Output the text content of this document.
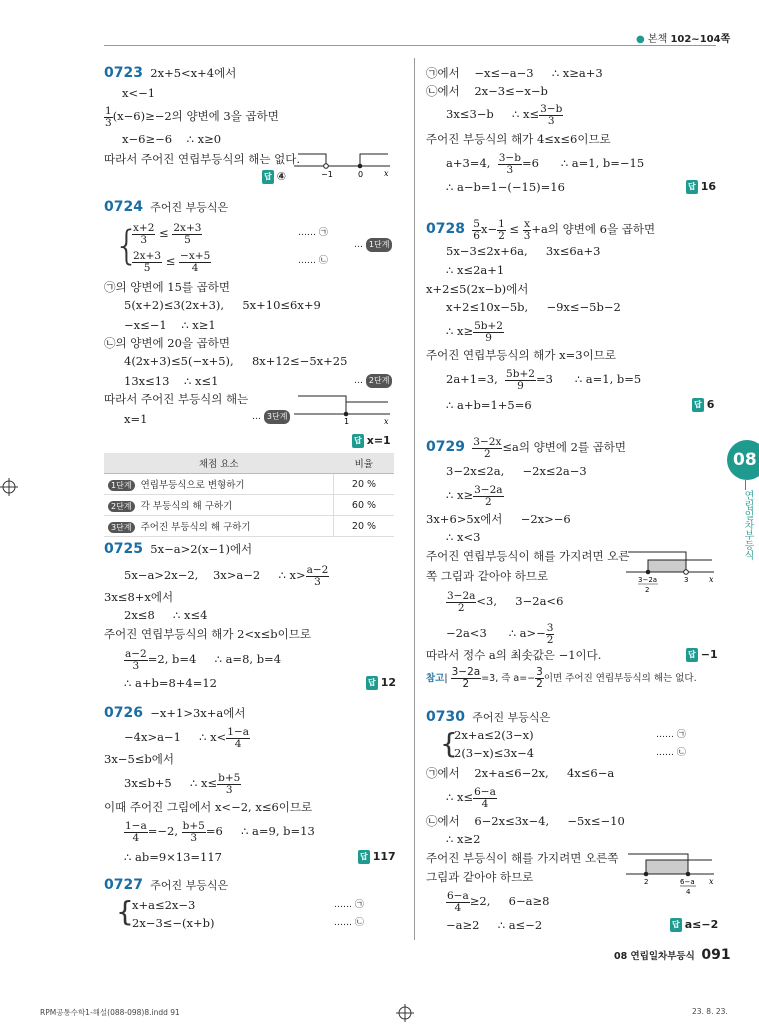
● 본책 102~104쪽
0723  2x+5<x+4에서
x<−1
$\frac{1}{3} (x-6)\ge-2$의 양변에 3을 곱하면
x−6≥−6    ∴ x≥0
따라서 주어진 연립부등식의 해는 없다.
−1	0	x
답 ④
0724 주어진 부등식은
{
$\frac{x+2}{3} \le \frac{2x+3}{5}$	…… ㉠
… 1단계
$\frac{2x+3}{5} \le \frac{-x+5}{4}$	…… ㉡
㉠의 양변에 15를 곱하면
5(x+2)≤3(2x+3),     5x+10≤6x+9
−x≤−1    ∴ x≥1
㉡의 양변에 20을 곱하면
4(2x+3)≤5(−x+5),     8x+12≤−5x+25
13x≤13    ∴ x≤1	… 2단계
따라서 주어진 부등식의 해는
x=1	… 3단계
1	x
답 x=1
채점 요소	비율
1단계 연립부등식으로 변형하기	20 %
2단계 각 부등식의 해 구하기	60 %
3단계 주어진 부등식의 해 구하기	20 %
0725  5x−a>2(x−1)에서
5x−a>2x−2,    3x>a−2     ∴ $x> \frac{a-2}{3}$
3x≤8+x에서
2x≤8     ∴ x≤4
주어진 연립부등식의 해가 2<x≤b이므로
$\frac{a-2}{3} =2$, b=4     ∴ a=8, b=4
∴ a+b=8+4=12	답 12
0726  −x+1>3x+a에서
−4x>a−1     ∴ $x< \frac{1-a}{4}$
3x−5≤b에서
3x≤b+5     ∴ $x\le \frac{b+5}{3}$
이때 주어진 그림에서 x<−2, x≤6이므로
$\frac{1-a}{4} =-2$, $\frac{b+5}{3} =6$     ∴ a=9, b=13
∴ ab=9×13=117	답 117
0727 주어진 부등식은
{
x+a≤2x−3	…… ㉠
2x−3≤−(x+b)	…… ㉡
㉠에서    −x≤−a−3     ∴ x≥a+3
㉡에서    2x−3≤−x−b
3x≤3−b     ∴ $x\le \frac{3-b}{3}$
주어진 부등식의 해가 4≤x≤6이므로
a+3=4, $\frac{3-b}{3} =6$      ∴ a=1, b=−15
∴ a−b=1−(−15)=16	답 16
$0728 \frac{5}{6} x- \frac{1}{2} \le \frac{x}{3} +a$의 양변에 6을 곱하면
5x−3≤2x+6a,     3x≤6a+3
∴ x≤2a+1
x+2≤5(2x−b)에서
x+2≤10x−5b,     −9x≤−5b−2
∴ $x\ge \frac{5b+2}{9}$
주어진 연립부등식의 해가 x=3이므로
2a+1=3, $\frac{5b+2}{9} =3$      ∴ a=1, b=5
∴ a+b=1+5=6	답 6
$0729 \frac{3-2x}{2} \le a$의 양변에 2를 곱하면
3−2x≤2a,     −2x≤2a−3
∴ $x\ge \frac{3-2a}{2}$
3x+6>5x에서     −2x>−6
∴ x<3
주어진 연립부등식이 해를 가지려면 오른
쪽 그림과 같아야 하므로	3−2a
2
3	x
$\frac{3-2a}{2} <3$,     3−2a<6
−2a<3      ∴ $a>- \frac{3}{2}$
따라서 정수 a의 최솟값은 −1이다.	답 −1
참고| $\frac{3-2a}{2} =3$, 즉 $a=- \frac{3}{2}$ 이면 주어진 연립부등식의 해는 없다.
0730 주어진 부등식은
{
2x+a≤2(3−x)	…… ㉠
2(3−x)≤3x−4	…… ㉡
㉠에서    2x+a≤6−2x,     4x≤6−a
∴ $x\le \frac{6-a}{4}$
㉡에서    6−2x≤3x−4,     −5x≤−10
∴ x≥2
주어진 부등식이 해를 가지려면 오른쪽
그림과 같아야 하므로	2	6−a
4
x
$\frac{6-a}{4} \ge 2$,     6−a≥8
−a≥2     ∴ a≤−2	답 a≤−2
08
연립일차부등식
08 연립일차부등식 091
RPM공통수학1-해설(088-098)8.indd 91	23. 8. 23.
